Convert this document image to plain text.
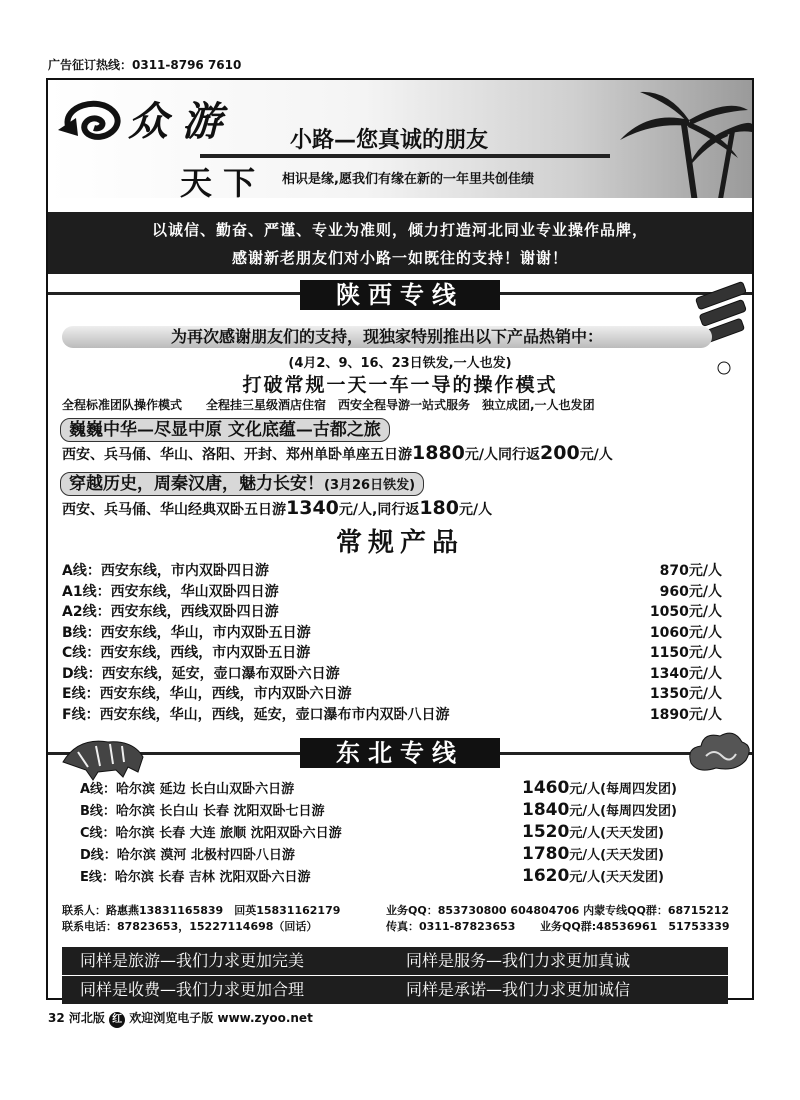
广告征订热线：0311-8796 7610
众 游	小路—您真诚的朋友
天 下 相识是缘,愿我们有缘在新的一年里共创佳绩
以诚信、勤奋、严谨、专业为准则，倾力打造河北同业专业操作品牌，
感谢新老朋友们对小路一如既往的支持！谢谢！
陕西专线
为再次感谢朋友们的支持，现独家特别推出以下产品热销中：
(4月2、9、16、23日铁发,一人也发)
打破常规一天一车一导的操作模式
全程标准团队操作模式　　全程挂三星级酒店住宿　西安全程导游一站式服务　独立成团,一人也发团
巍巍中华—尽显中原 文化底蕴—古都之旅
西安、兵马俑、华山、洛阳、开封、郑州单卧单座五日游1880元/人同行返200元/人
穿越历史，周秦汉唐，魅力长安！(3月26日铁发)
西安、兵马俑、华山经典双卧五日游1340元/人,同行返180元/人
常规产品
A线：西安东线，市内双卧四日游	870元/人
A1线：西安东线，华山双卧四日游	960元/人
A2线：西安东线，西线双卧四日游	1050元/人
B线：西安东线，华山，市内双卧五日游	1060元/人
C线：西安东线，西线，市内双卧五日游	1150元/人
D线：西安东线，延安，壶口瀑布双卧六日游	1340元/人
E线：西安东线，华山，西线，市内双卧六日游	1350元/人
F线：西安东线，华山，西线，延安，壶口瀑布市内双卧八日游	1890元/人
东北专线
A线：哈尔滨 延边 长白山双卧六日游	1460元/人(每周四发团)
B线：哈尔滨 长白山 长春 沈阳双卧七日游	1840元/人(每周四发团)
C线：哈尔滨 长春 大连 旅顺 沈阳双卧六日游	1520元/人(天天发团)
D线：哈尔滨 漠河 北极村四卧八日游	1780元/人(天天发团)
E线：哈尔滨 长春 吉林 沈阳双卧六日游	1620元/人(天天发团)
联系人：路惠燕13831165839　回英15831162179	业务QQ：853730800 604804706 内蒙专线QQ群：68715212
联系电话：87823653，15227114698（回话）	传真：0311-87823653 业务QQ群:48536961　51753339
同样是旅游—我们力求更加完美	同样是服务—我们力求更加真诚
同样是收费—我们力求更加合理	同样是承诺—我们力求更加诚信
32 河北版 红 欢迎浏览电子版 www.zyoo.net
